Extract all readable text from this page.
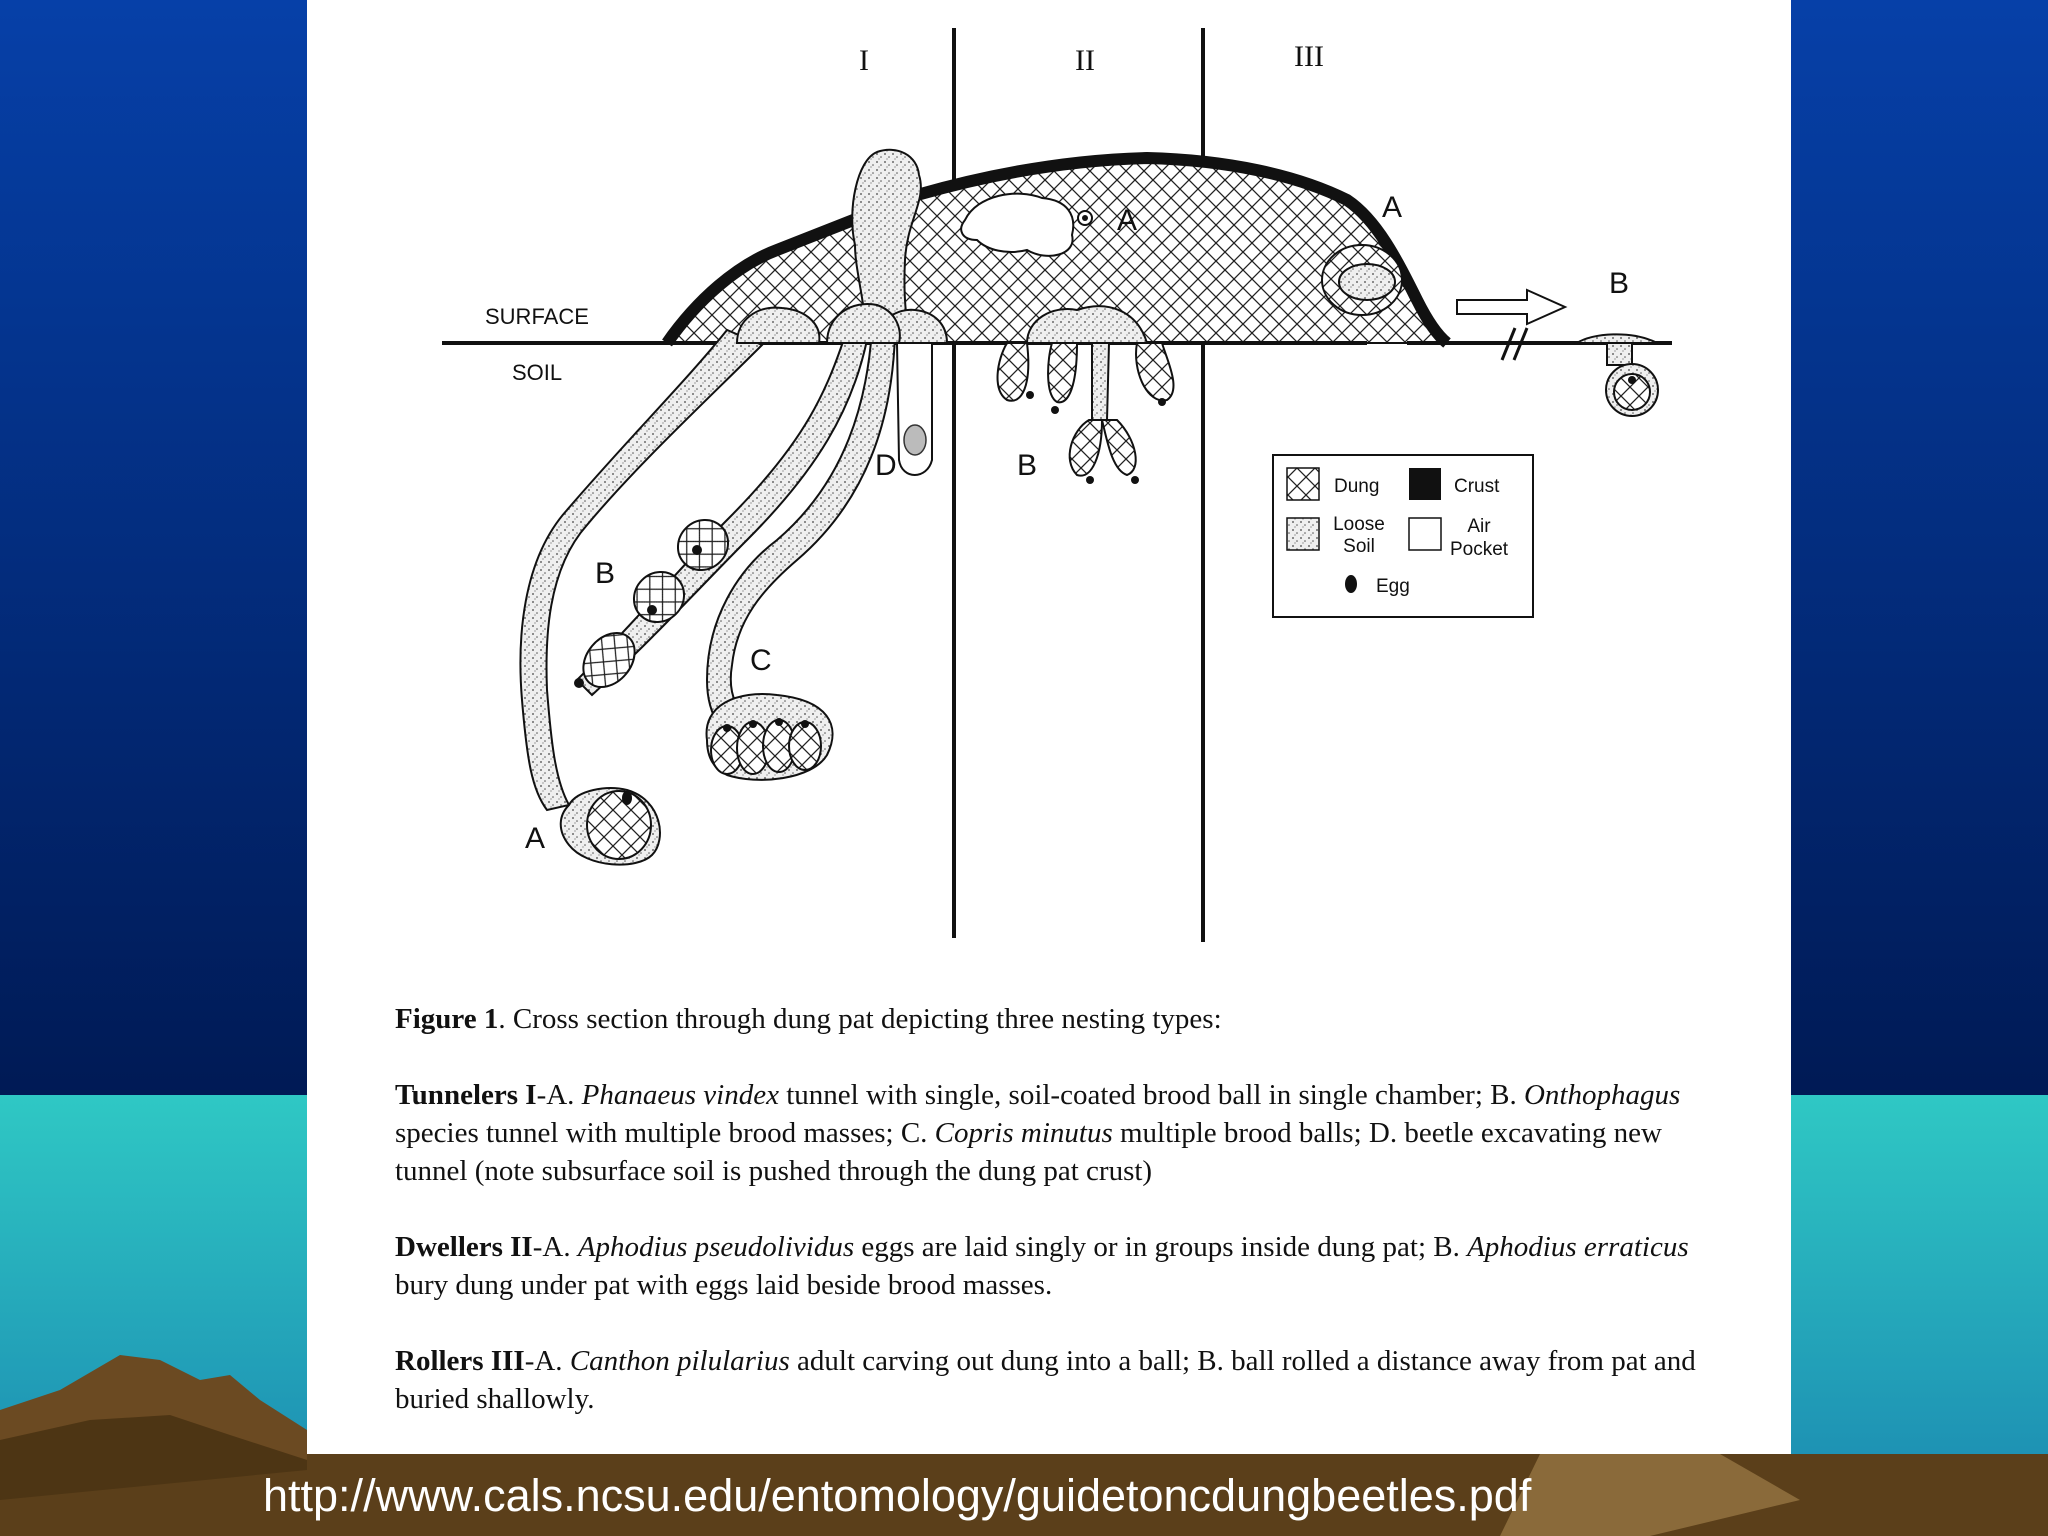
I	II	III
SURFACE
SOIL
A
B
C
D
A
B
A
B
Dung	Crust
Loose
Soil
Air
Pocket
Egg

Figure 1. Cross section through dung pat depicting three nesting types:

Tunnelers I-A. Phanaeus vindex tunnel with single, soil-coated brood ball in single chamber; B. Onthophagus species tunnel with multiple brood masses; C. Copris minutus multiple brood balls; D. beetle excavating new tunnel (note subsurface soil is pushed through the dung pat crust)

Dwellers II-A. Aphodius pseudolividus eggs are laid singly or in groups inside dung pat; B. Aphodius erraticus bury dung under pat with eggs laid beside brood masses.

Rollers III-A. Canthon pilularius adult carving out dung into a ball; B. ball rolled a distance away from pat and buried shallowly.

http://www.cals.ncsu.edu/entomology/guidetoncdungbeetles.pdf
